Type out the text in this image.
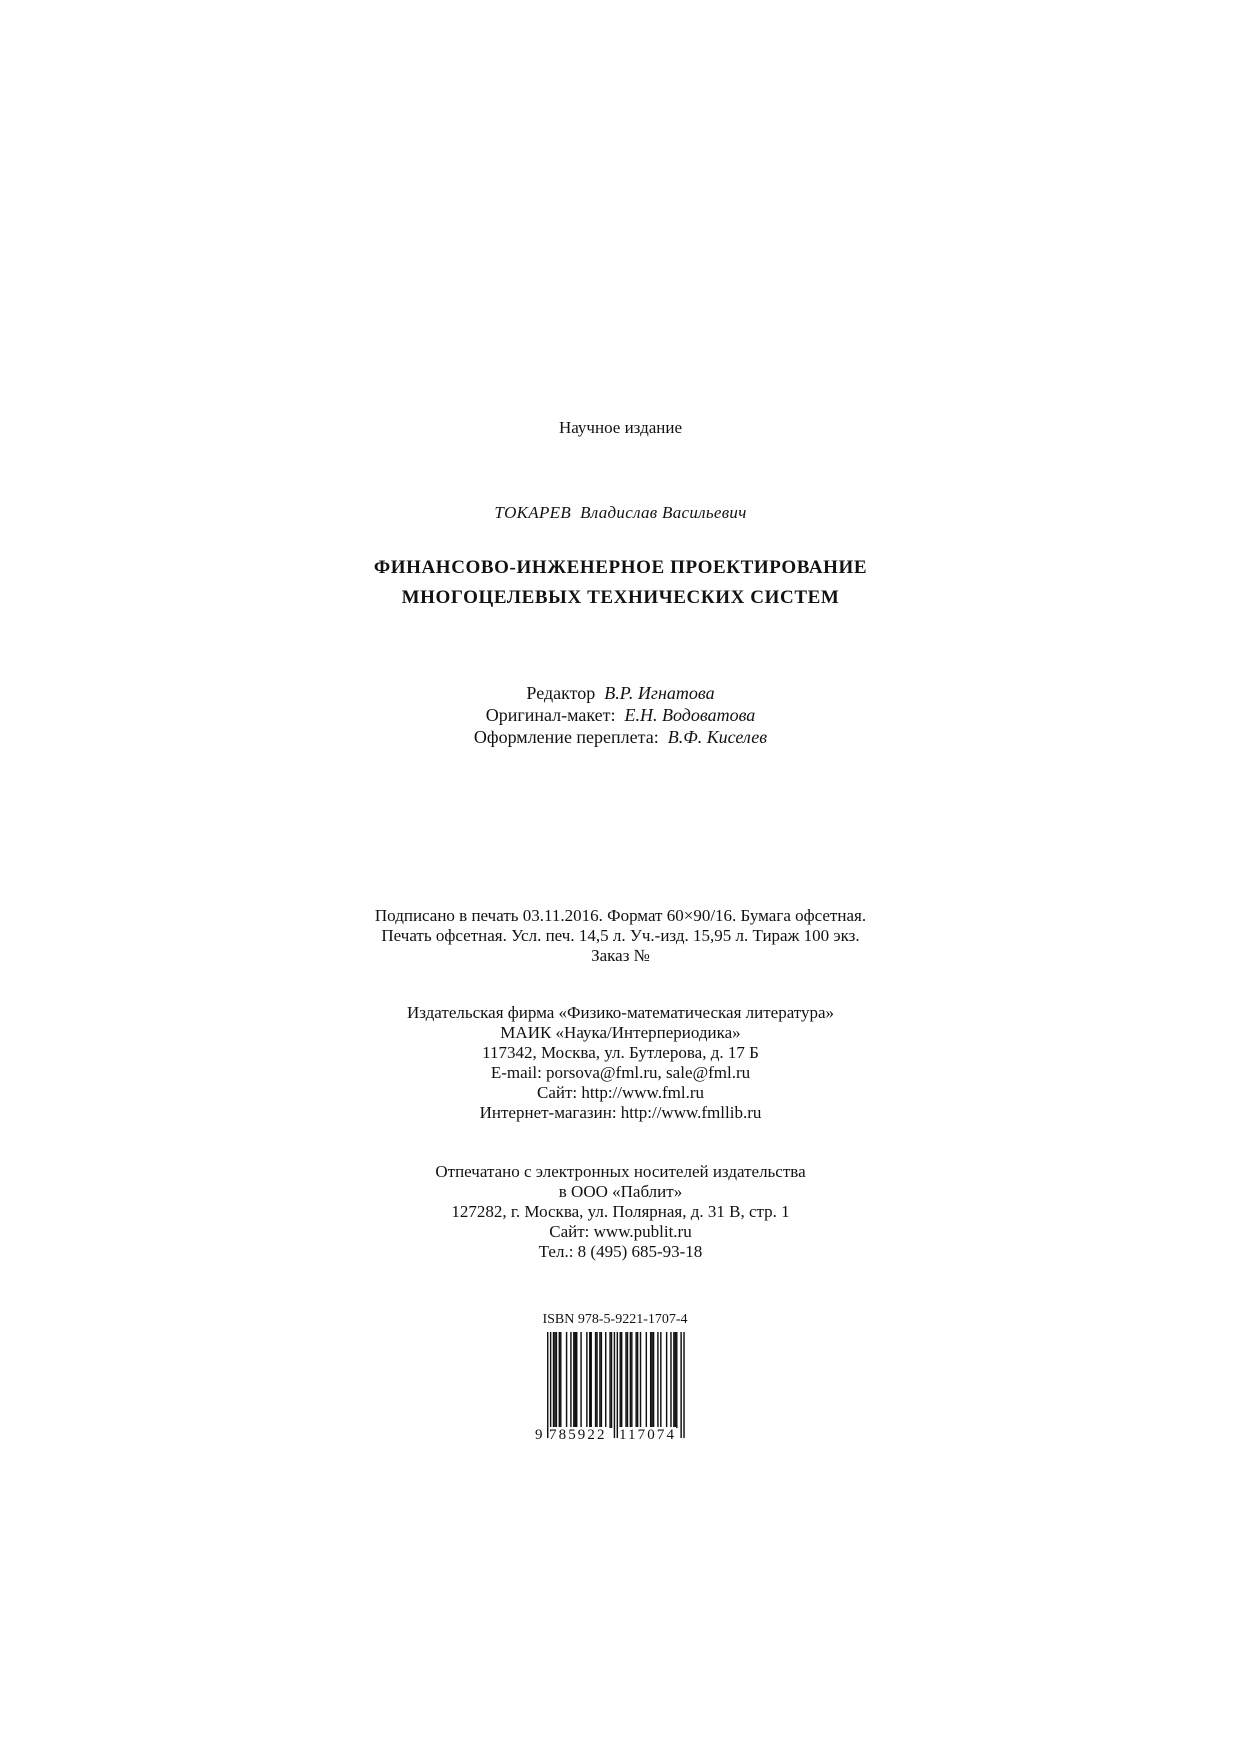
Научное издание
ТОКАРЕВ Владислав Васильевич
ФИНАНСОВО-ИНЖЕНЕРНОЕ ПРОЕКТИРОВАНИЕ
МНОГОЦЕЛЕВЫХ ТЕХНИЧЕСКИХ СИСТЕМ
Редактор В.Р. Игнатова
Оригинал-макет: Е.Н. Водоватова
Оформление переплета: В.Ф. Киселев
Подписано в печать 03.11.2016. Формат 60×90/16. Бумага офсетная.
Печать офсетная. Усл. печ. 14,5 л. Уч.-изд. 15,95 л. Тираж 100 экз.
Заказ №
Издательская фирма «Физико-математическая литература»
МАИК «Наука/Интерпериодика»
117342, Москва, ул. Бутлерова, д. 17 Б
E-mail: porsova@fml.ru, sale@fml.ru
Сайт: http://www.fml.ru
Интернет-магазин: http://www.fmllib.ru
Отпечатано с электронных носителей издательства
в ООО «Паблит»
127282, г. Москва, ул. Полярная, д. 31 В, стр. 1
Сайт: www.publit.ru
Тел.: 8 (495) 685-93-18
ISBN 978-5-9221-1707-4
9 785922 117074
